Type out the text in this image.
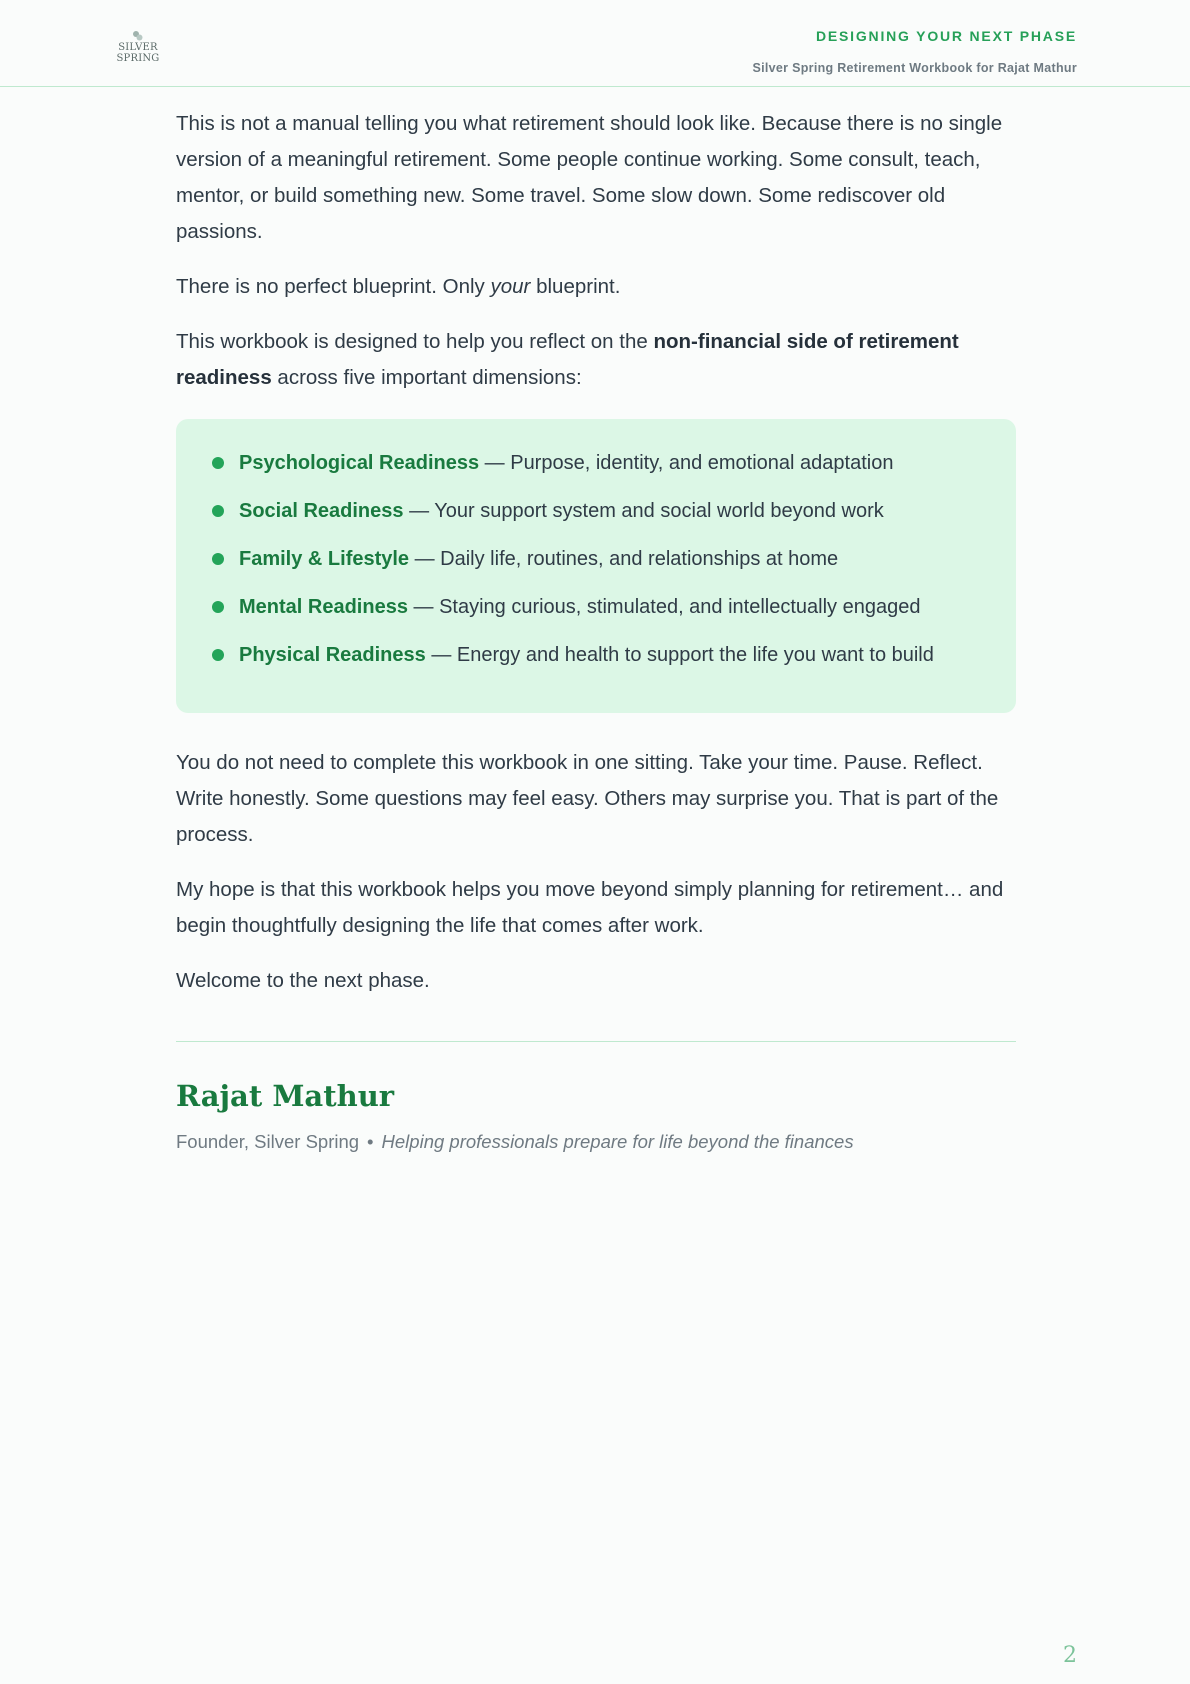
SILVER
SPRING
DESIGNING YOUR NEXT PHASE
Silver Spring Retirement Workbook for Rajat Mathur

This is not a manual telling you what retirement should look like. Because there is no single version of a meaningful retirement. Some people continue working. Some consult, teach, mentor, or build something new. Some travel. Some slow down. Some rediscover old passions.

There is no perfect blueprint. Only your blueprint.

This workbook is designed to help you reflect on the non-financial side of retirement readiness across five important dimensions:

Psychological Readiness — Purpose, identity, and emotional adaptation
Social Readiness — Your support system and social world beyond work
Family & Lifestyle — Daily life, routines, and relationships at home
Mental Readiness — Staying curious, stimulated, and intellectually engaged
Physical Readiness — Energy and health to support the life you want to build

You do not need to complete this workbook in one sitting. Take your time. Pause. Reflect. Write honestly. Some questions may feel easy. Others may surprise you. That is part of the process.

My hope is that this workbook helps you move beyond simply planning for retirement… and begin thoughtfully designing the life that comes after work.

Welcome to the next phase.

Rajat Mathur
Founder, Silver Spring • Helping professionals prepare for life beyond the finances
2
